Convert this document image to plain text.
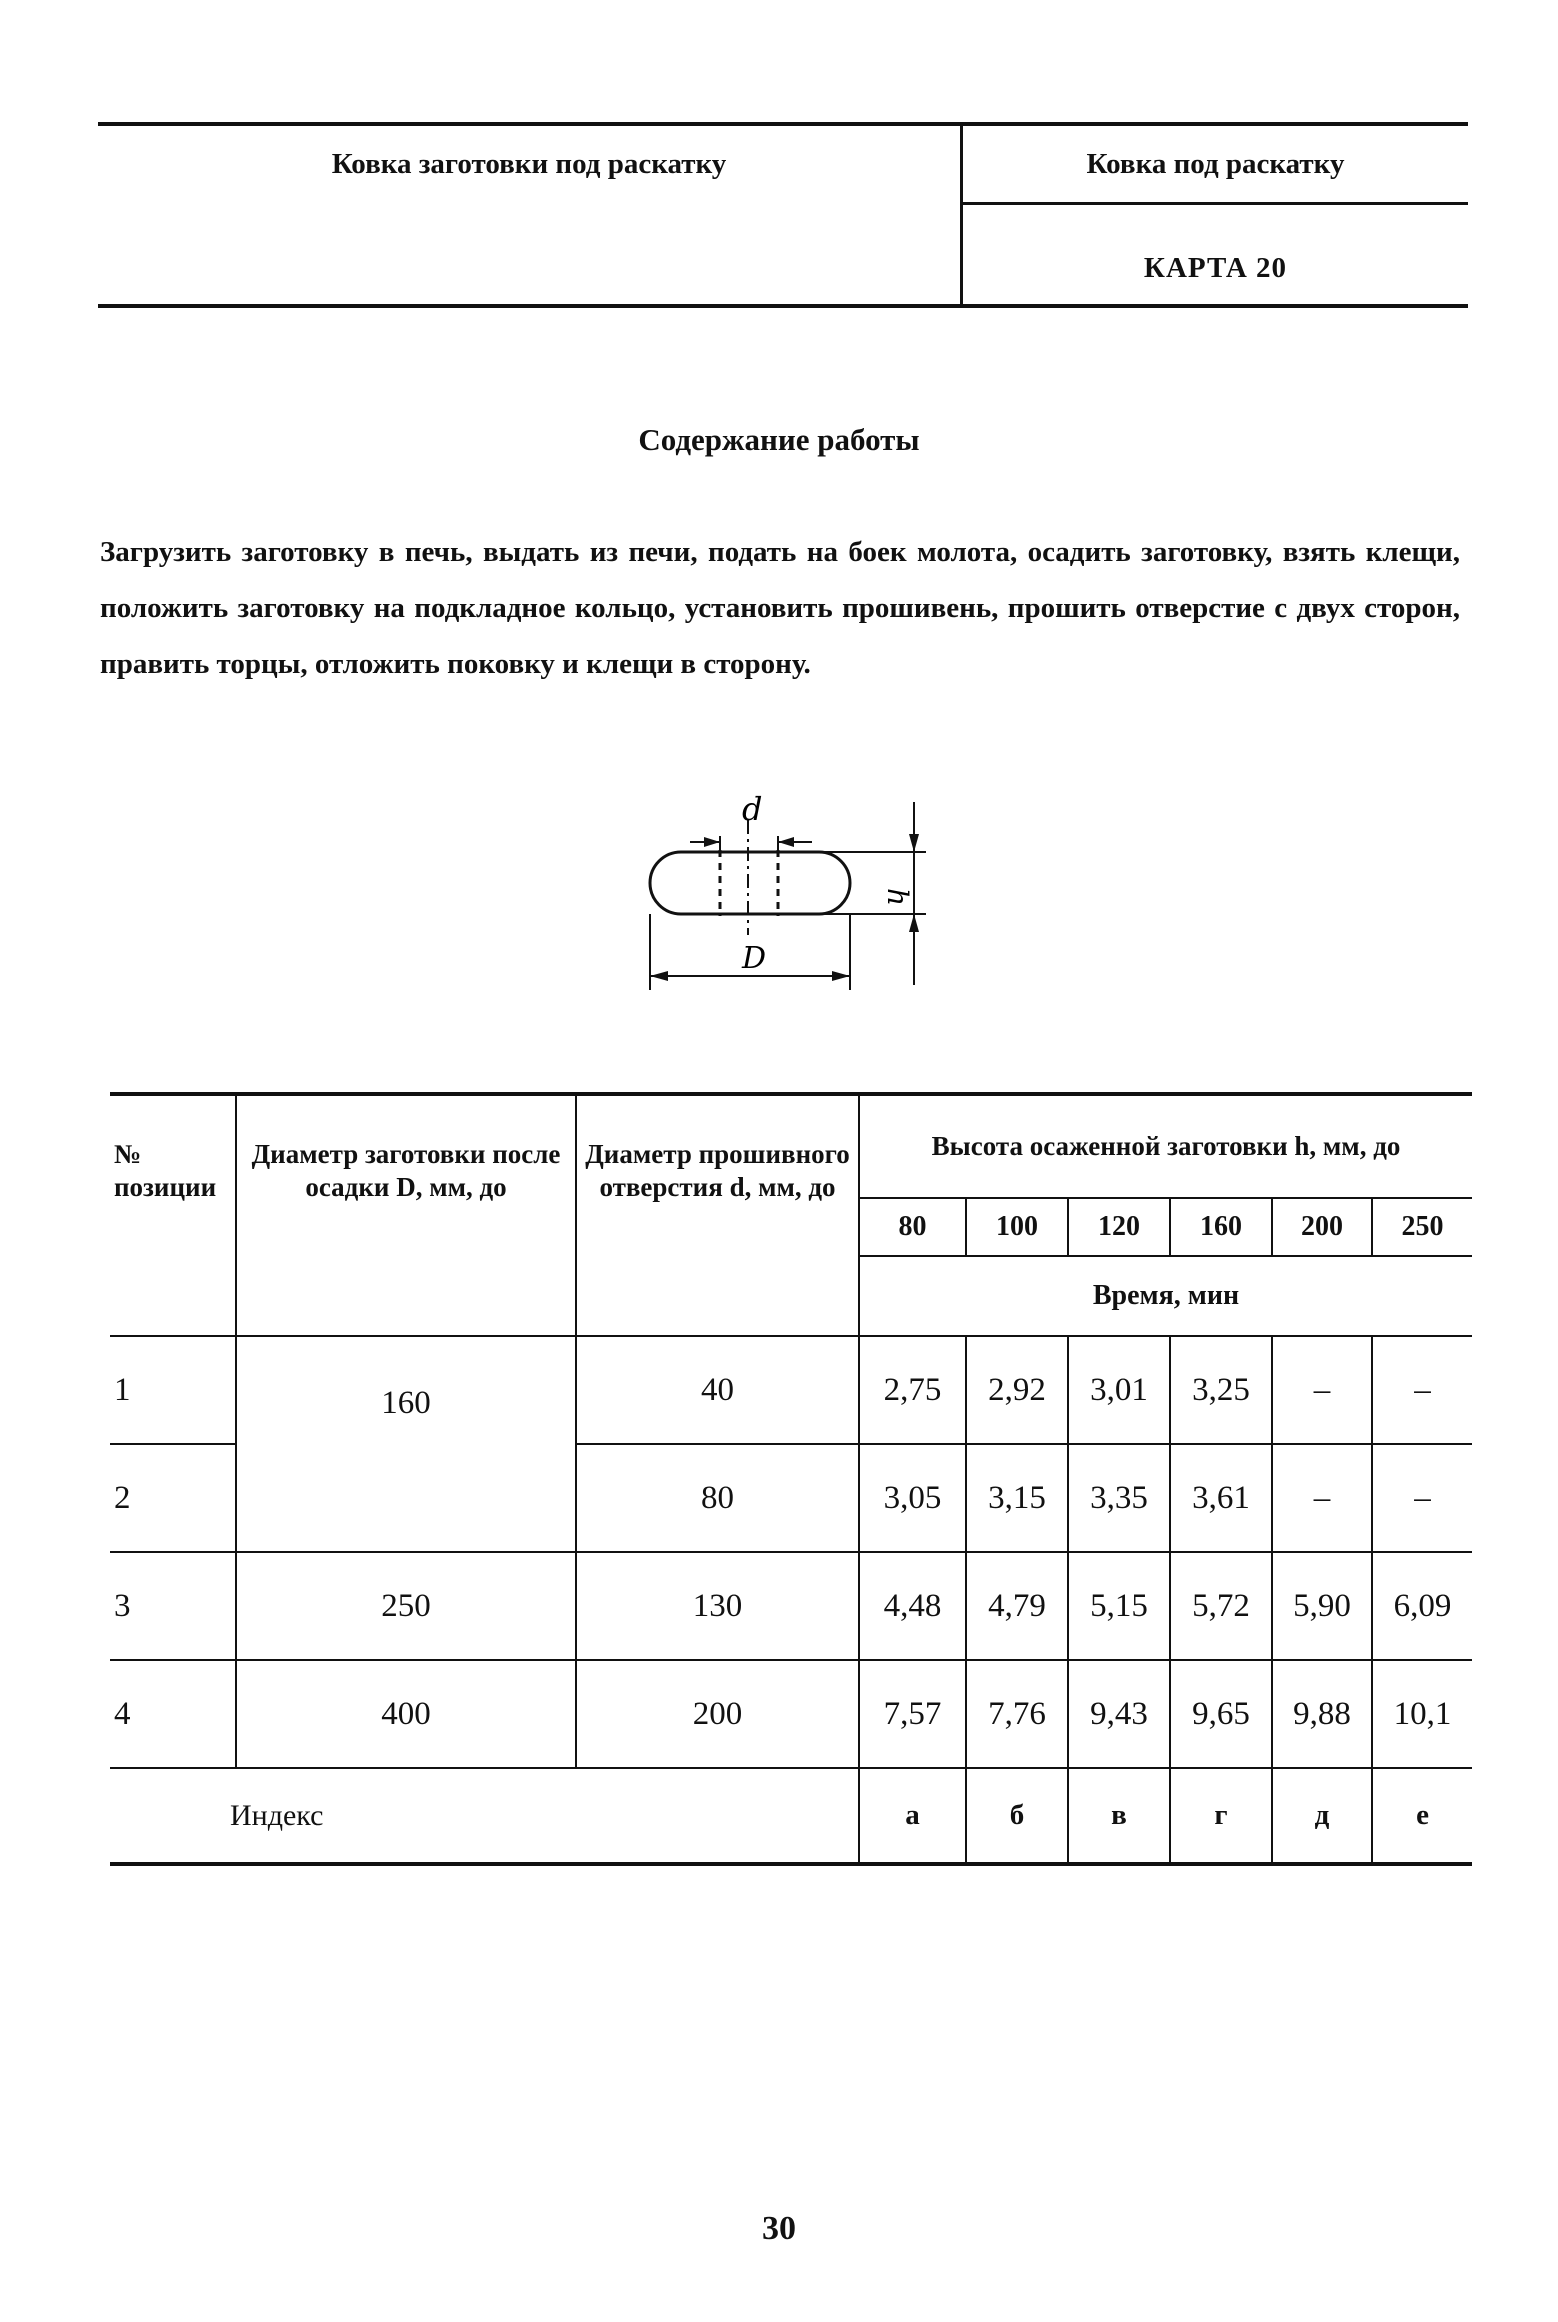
Ковка заготовки под раскатку	Ковка под раскатку
КАРТА 20
Содержание работы
Загрузить заготовку в печь, выдать из печи, подать на боек молота, осадить заготовку, взять клещи, положить заготовку на подкладное кольцо, установить прошивень, прошить отверстие с двух сторон, править торцы, отложить поковку и клещи в сторону.
d
D
h
№ позиции	Диаметр заготовки после осадки D, мм, до	Диаметр прошивного отверстия d, мм, до	Высота осаженной заготовки h, мм, до					
			80	100	120	160	200	250
			Время, мин					
1	160	40	2,75	2,92	3,01	3,25	–	–
2		80	3,05	3,15	3,35	3,61	–	–
3	250	130	4,48	4,79	5,15	5,72	5,90	6,09
4	400	200	7,57	7,76	9,43	9,65	9,88	10,1
Индекс			а	б	в	г	д	е
30
